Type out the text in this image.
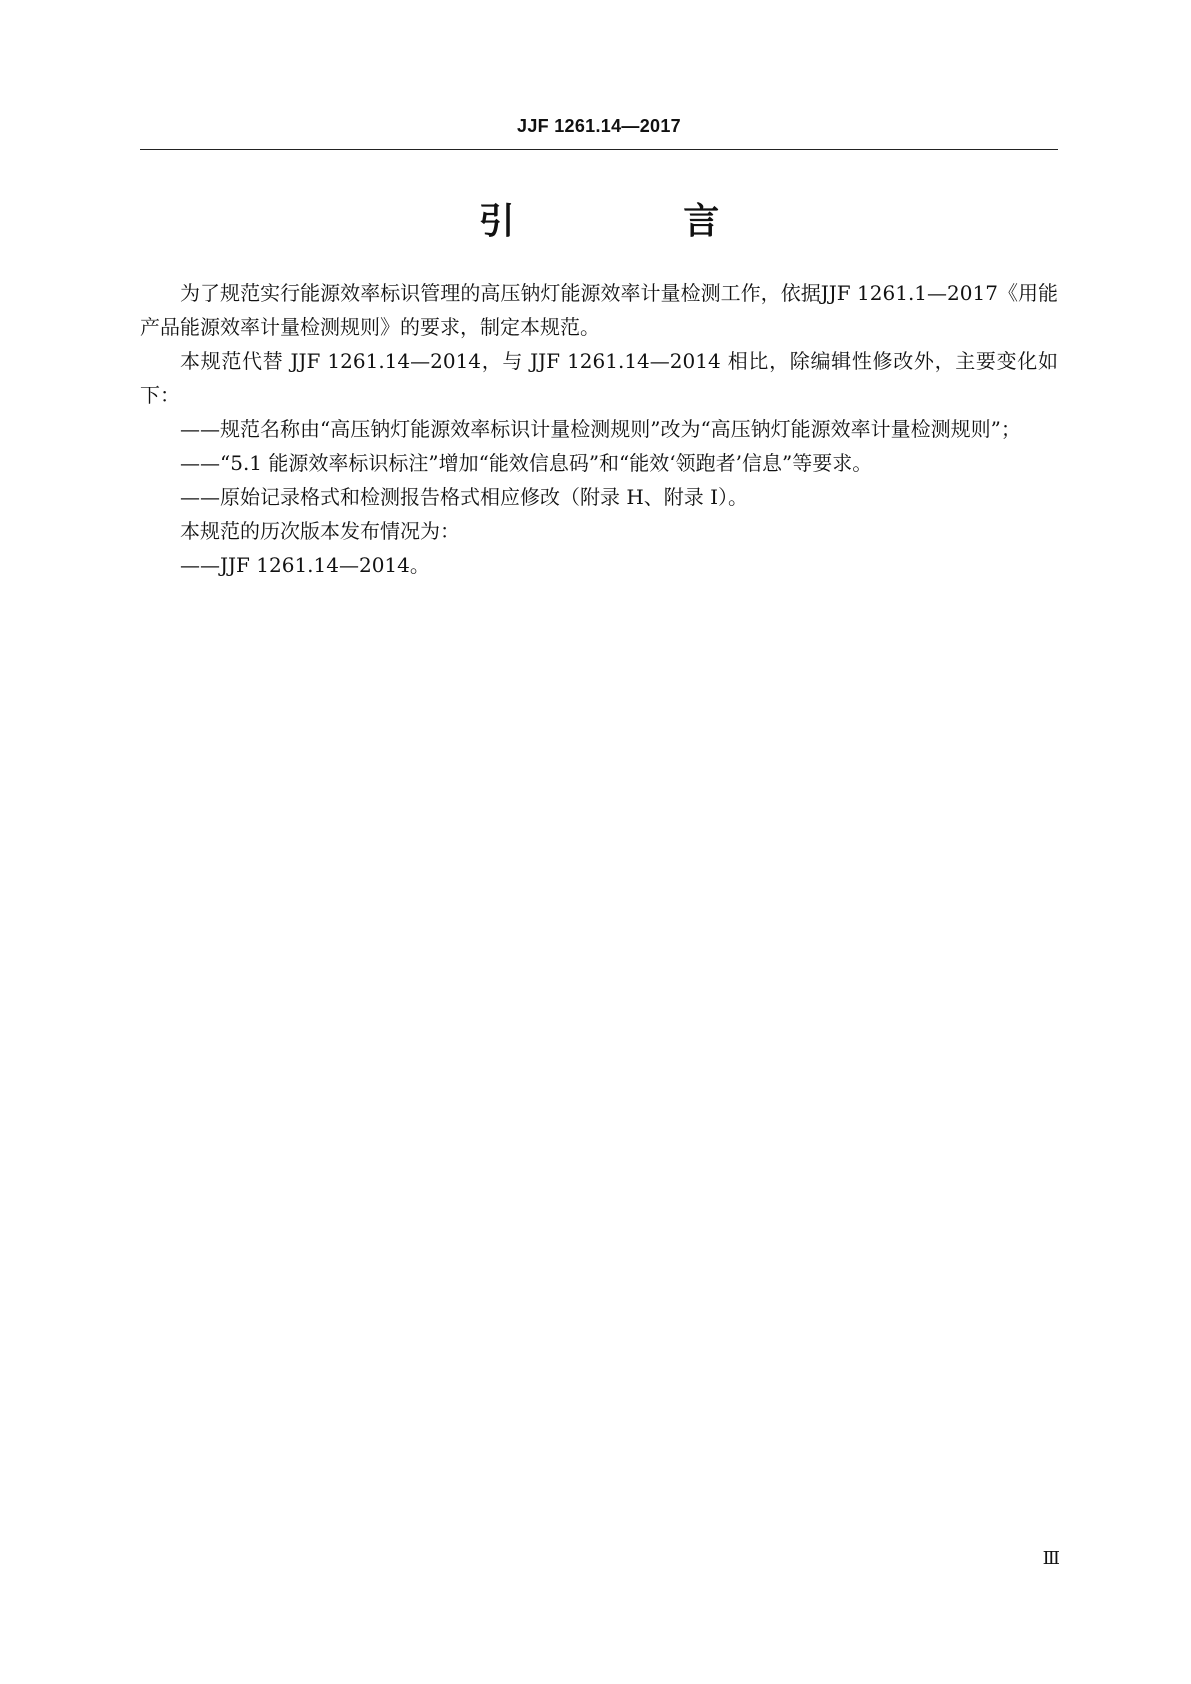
JJF 1261.14—2017
引 言

为了规范实行能源效率标识管理的高压钠灯能源效率计量检测工作，依据JJF 1261.1—2017《用能产品能源效率计量检测规则》的要求，制定本规范。

本规范代替 JJF 1261.14—2014，与 JJF 1261.14—2014 相比，除编辑性修改外，主要变化如下：

——规范名称由“高压钠灯能源效率标识计量检测规则”改为“高压钠灯能源效率计量检测规则”；

——“5.1 能源效率标识标注”增加“能效信息码”和“能效‘领跑者’信息”等要求。

——原始记录格式和检测报告格式相应修改（附录 H、附录 I）。

本规范的历次版本发布情况为：

——JJF 1261.14—2014。

Ⅲ
